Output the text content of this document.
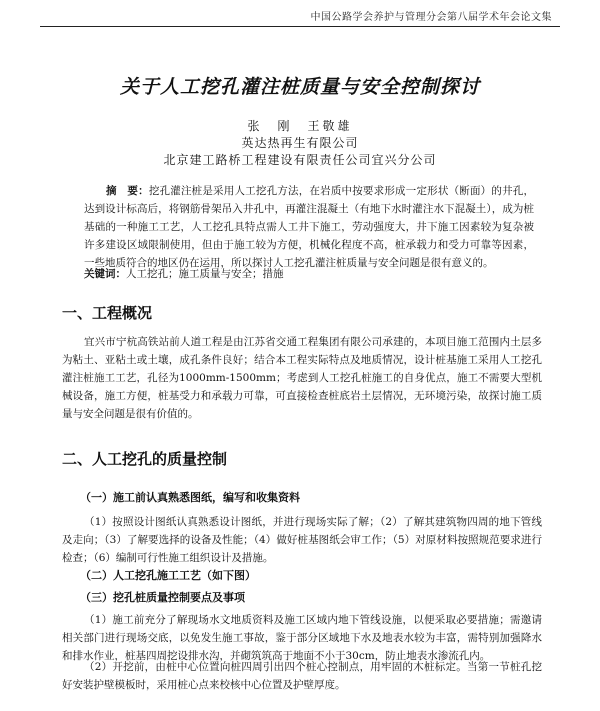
中国公路学会养护与管理分会第八届学术年会论文集
关于人工挖孔灌注桩质量与安全控制探讨
张　刚　王敬雄
英达热再生有限公司
北京建工路桥工程建设有限责任公司宜兴分公司
摘　要：挖孔灌注桩是采用人工挖孔方法，在岩质中按要求形成一定形状（断面）的井孔，达到设计标高后，将钢筋骨架吊入井孔中，再灌注混凝土（有地下水时灌注水下混凝土），成为桩基础的一种施工工艺，人工挖孔具特点需人工井下施工，劳动强度大，井下施工因素较为复杂被许多建设区域限制使用，但由于施工较为方便，机械化程度不高，桩承载力和受力可靠等因素，一些地质符合的地区仍在运用，所以探讨人工挖孔灌注桩质量与安全问题是很有意义的。
关键词：人工挖孔；施工质量与安全；措施
一、工程概况
宜兴市宁杭高铁站前人道工程是由江苏省交通工程集团有限公司承建的，本项目施工范围内土层多为粘土、亚粘土或土壤，成孔条件良好；结合本工程实际特点及地质情况，设计桩基施工采用人工挖孔灌注桩施工工艺，孔径为1000mm-1500mm；考虑到人工挖孔桩施工的自身优点，施工不需要大型机械设备，施工方便，桩基受力和承载力可靠，可直接检查桩底岩土层情况，无环境污染，故探讨施工质量与安全问题是很有价值的。
二、人工挖孔的质量控制
（一）施工前认真熟悉图纸，编写和收集资料
（1）按照设计图纸认真熟悉设计图纸，并进行现场实际了解；（2）了解其建筑物四周的地下管线及走向；（3）了解要选择的设备及性能；（4）做好桩基图纸会审工作；（5）对原材料按照规范要求进行检查；（6）编制可行性施工组织设计及措施。
（二）人工挖孔施工工艺（如下图）
（三）挖孔桩质量控制要点及事项
（1）施工前充分了解现场水文地质资料及施工区域内地下管线设施，以便采取必要措施；需邀请相关部门进行现场交底，以免发生施工事故，鉴于部分区域地下水及地表水较为丰富，需特别加强降水和排水作业，桩基四周挖设排水沟，并砌筑筑高于地面不小于30cm，防止地表水渗流孔内。
（2）开挖前，由桩中心位置向桩四周引出四个桩心控制点，用牢固的木桩标定。当第一节桩孔挖好安装护壁模板时，采用桩心点来校核中心位置及护壁厚度。
